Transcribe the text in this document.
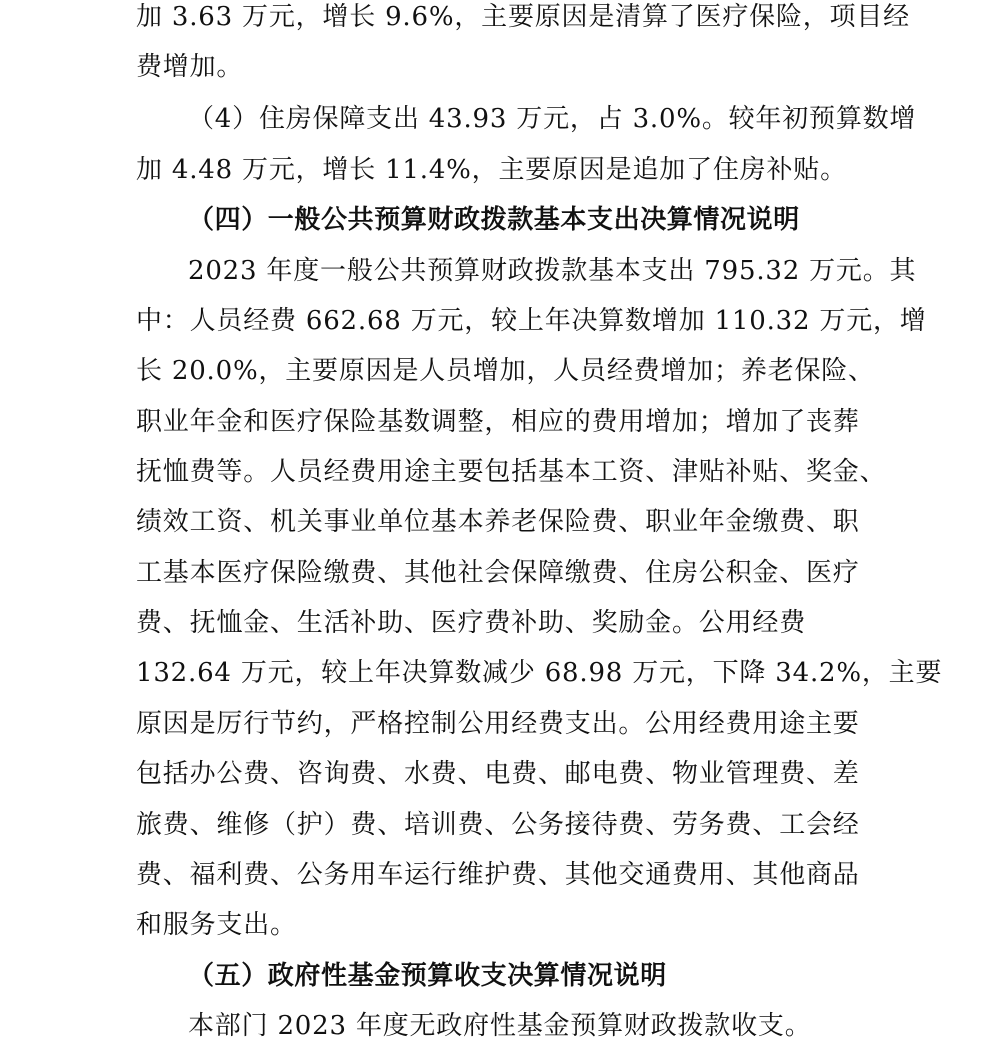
加 3.63 万元，增长 9.6%，主要原因是清算了医疗保险，项目经
费增加。
（4）住房保障支出 43.93 万元，占 3.0%。较年初预算数增
加 4.48 万元，增长 11.4%，主要原因是追加了住房补贴。
（四）一般公共预算财政拨款基本支出决算情况说明
2023 年度一般公共预算财政拨款基本支出 795.32 万元。其
中：人员经费 662.68 万元，较上年决算数增加 110.32 万元，增
长 20.0%，主要原因是人员增加，人员经费增加；养老保险、
职业年金和医疗保险基数调整，相应的费用增加；增加了丧葬
抚恤费等。人员经费用途主要包括基本工资、津贴补贴、奖金、
绩效工资、机关事业单位基本养老保险费、职业年金缴费、职
工基本医疗保险缴费、其他社会保障缴费、住房公积金、医疗
费、抚恤金、生活补助、医疗费补助、奖励金。公用经费
132.64 万元，较上年决算数减少 68.98 万元，下降 34.2%，主要
原因是厉行节约，严格控制公用经费支出。公用经费用途主要
包括办公费、咨询费、水费、电费、邮电费、物业管理费、差
旅费、维修（护）费、培训费、公务接待费、劳务费、工会经
费、福利费、公务用车运行维护费、其他交通费用、其他商品
和服务支出。
（五）政府性基金预算收支决算情况说明
本部门 2023 年度无政府性基金预算财政拨款收支。
